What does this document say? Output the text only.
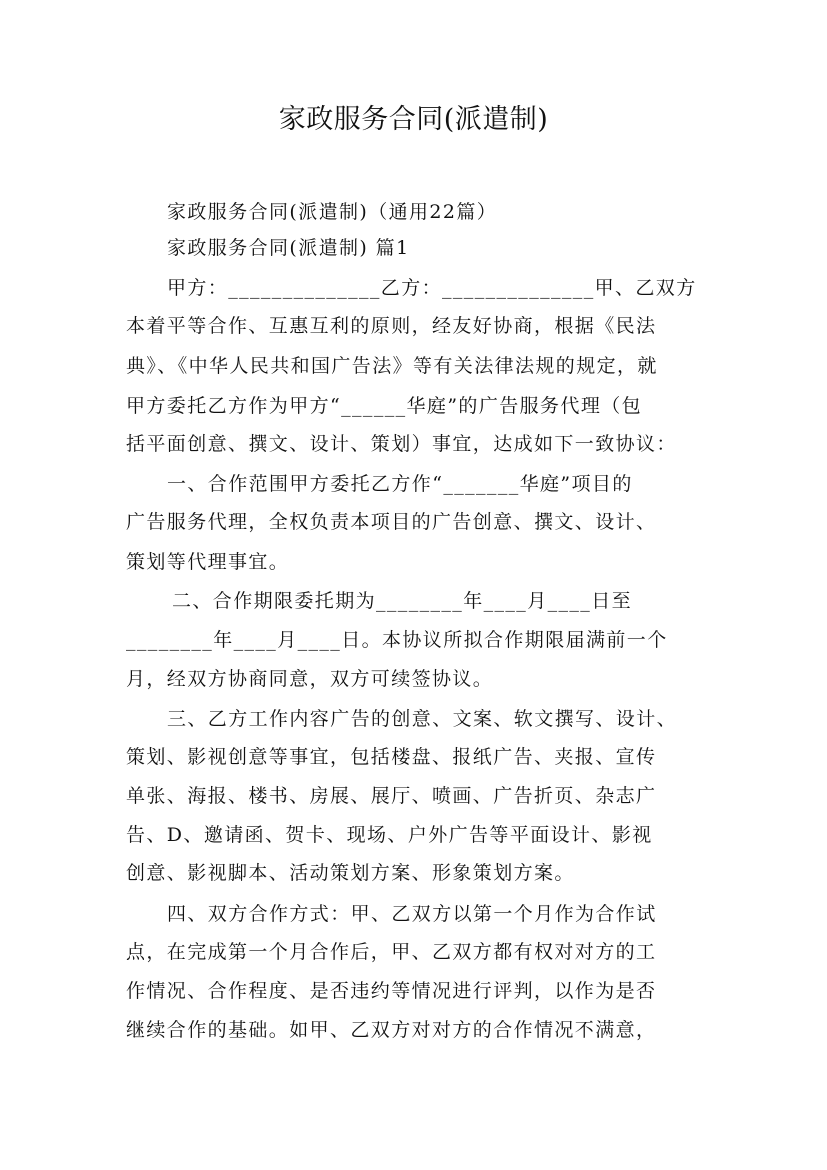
家政服务合同(派遣制)
家政服务合同(派遣制)（通用22篇）
家政服务合同(派遣制) 篇1
甲方：______________乙方：______________甲、乙双方
本着平等合作、互惠互利的原则，经友好协商，根据《民法
典》、《中华人民共和国广告法》等有关法律法规的规定，就
甲方委托乙方作为甲方“______华庭”的广告服务代理（包
括平面创意、撰文、设计、策划）事宜，达成如下一致协议：
一、合作范围甲方委托乙方作“_______华庭”项目的
广告服务代理，全权负责本项目的广告创意、撰文、设计、
策划等代理事宜。
二、合作期限委托期为________年____月____日至
________年____月____日。本协议所拟合作期限届满前一个
月，经双方协商同意，双方可续签协议。
三、乙方工作内容广告的创意、文案、软文撰写、设计、
策划、影视创意等事宜，包括楼盘、报纸广告、夹报、宣传
单张、海报、楼书、房展、展厅、喷画、广告折页、杂志广
告、D、邀请函、贺卡、现场、户外广告等平面设计、影视
创意、影视脚本、活动策划方案、形象策划方案。
四、双方合作方式：甲、乙双方以第一个月作为合作试
点，在完成第一个月合作后，甲、乙双方都有权对对方的工
作情况、合作程度、是否违约等情况进行评判，以作为是否
继续合作的基础。如甲、乙双方对对方的合作情况不满意，
